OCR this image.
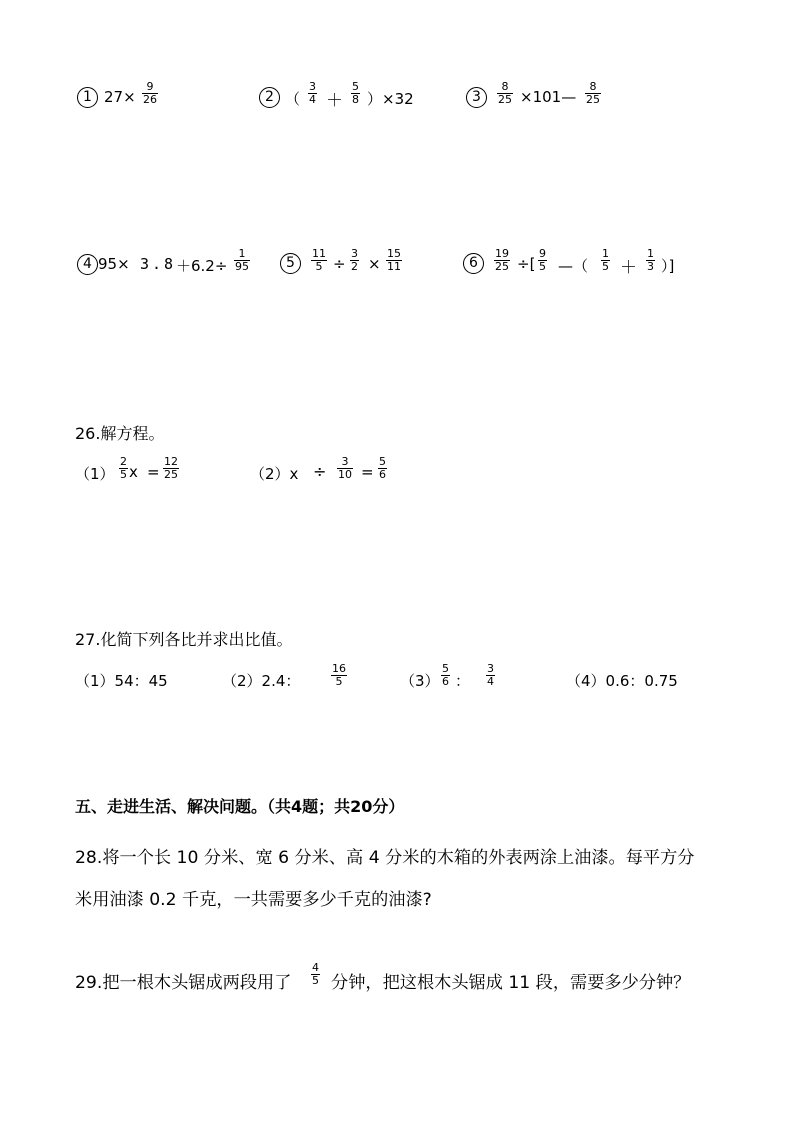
1 $27\times \frac{9}{26}$	2 （ $\frac{3}{4} + \frac{5}{8} )\times 32$	3	$\frac{8}{25}$ ×101— $\frac{8}{25}$
4 $95\times 3.8 +6.2\div \frac{1}{95}$	5	$\frac{11}{5} \div \frac{3}{2} \times \frac{15}{11}$	6	$\frac{19}{25}$ ÷[ $\frac{9}{5}$ —（ $\frac{1}{5} + \frac{1}{3}$ ）]
26.解方程。
$(1) \frac{2}{5}$ $x = \frac{12}{25}$	$(2)x \div \frac{3}{10} = \frac{5}{6}$
27.化简下列各比并求出比值。
（1）54：45	（2）2.4：	$\frac{16}{5}$	$(3) \frac{5}{6}$ ： $\frac{3}{4}$	（4）0.6：0.75
五、走进生活、解决问题。（共4题；共20分）
28.将一个长 10 分米、宽 6 分米、高 4 分米的木箱的外表两涂上油漆。每平方分
米用油漆 0.2 千克，一共需要多少千克的油漆?
29.把一根木头锯成两段用了 $\frac{4}{5}$ 分钟，把这根木头锯成 11 段，需要多少分钟？
